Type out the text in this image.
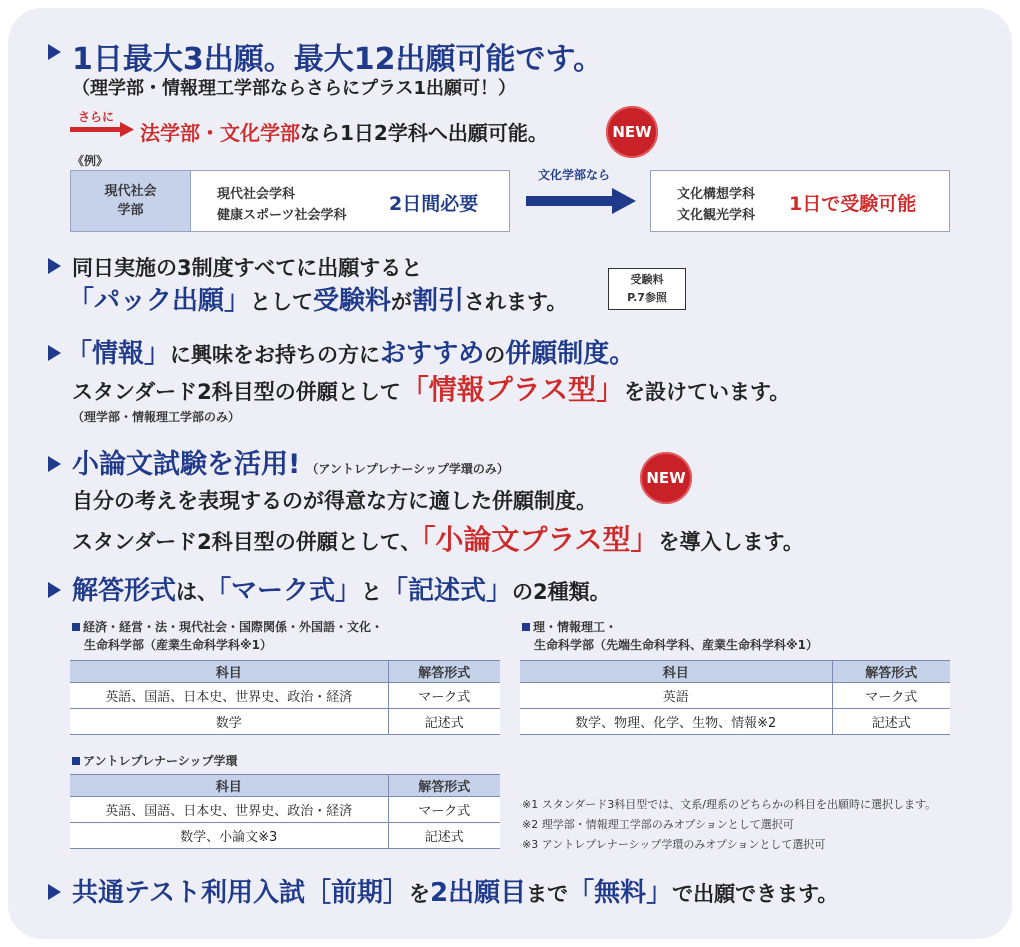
1日最大3出願。最大12出願可能です。
（理学部・情報理工学部ならさらにプラス1出願可！）
さらに
法学部・文化学部なら1日2学科へ出願可能。	NEW
《例》
現代社会
学部
現代社会学科
健康スポーツ社会学科
2日間必要
文化学部なら
文化構想学科
文化観光学科
1日で受験可能
同日実施の3制度すべてに出願すると
「パック出願」として受験料が割引されます。
受験料
P.7参照
「情報」に興味をお持ちの方におすすめの併願制度。
スタンダード2科目型の併願として「情報プラス型」を設けています。
（理学部・情報理工学部のみ）
小論文試験を活用! （アントレプレナーシップ学環のみ）	NEW
自分の考えを表現するのが得意な方に適した併願制度。
スタンダード2科目型の併願として、「小論文プラス型」を導入します。
解答形式は、「マーク式」と「記述式」の2種類。
経済・経営・法・現代社会・国際関係・外国語・文化・
生命科学部（産業生命科学科※1）
科目	解答形式
英語、国語、日本史、世界史、政治・経済	マーク式
数学	記述式
理・情報理工・
生命科学部（先端生命科学科、産業生命科学科※1）
科目	解答形式
英語	マーク式
数学、物理、化学、生物、情報※2	記述式
アントレプレナーシップ学環
科目	解答形式
英語、国語、日本史、世界史、政治・経済	マーク式
数学、小論文※3	記述式
※1 スタンダード3科目型では、文系/理系のどちらかの科目を出願時に選択します。
※2 理学部・情報理工学部のみオプションとして選択可
※3 アントレプレナーシップ学環のみオプションとして選択可
共通テスト利用入試［前期］を2出願目まで「無料」で出願できます。
